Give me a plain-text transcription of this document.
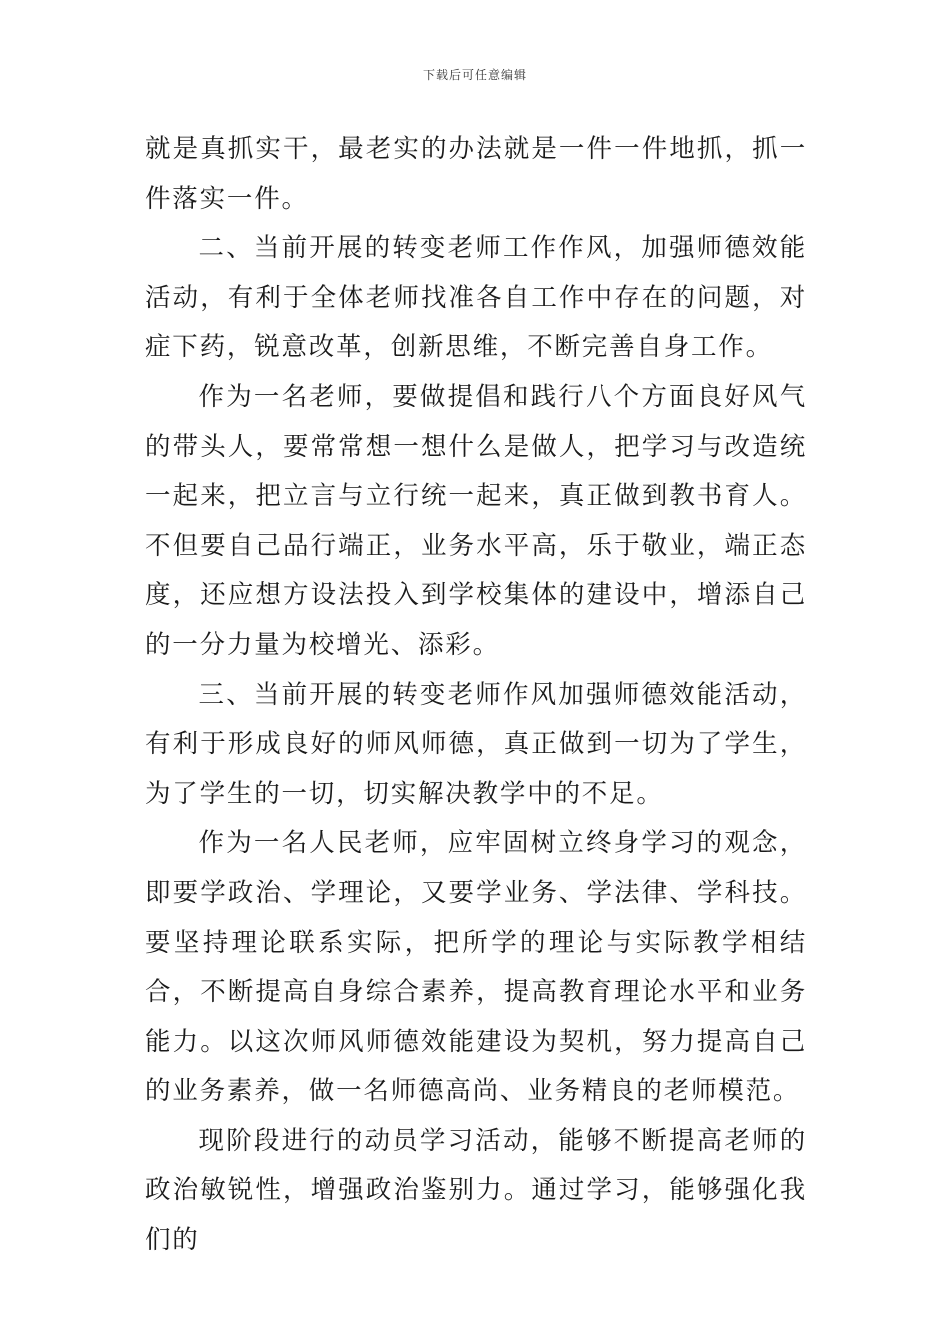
下载后可任意编辑

就是真抓实干，最老实的办法就是一件一件地抓，抓一件落实一件。

二、当前开展的转变老师工作作风，加强师德效能活动，有利于全体老师找准各自工作中存在的问题，对症下药，锐意改革，创新思维，不断完善自身工作。

作为一名老师，要做提倡和践行八个方面良好风气的带头人，要常常想一想什么是做人，把学习与改造统一起来，把立言与立行统一起来，真正做到教书育人。不但要自己品行端正，业务水平高，乐于敬业，端正态度，还应想方设法投入到学校集体的建设中，增添自己的一分力量为校增光、添彩。

三、当前开展的转变老师作风加强师德效能活动，有利于形成良好的师风师德，真正做到一切为了学生，为了学生的一切，切实解决教学中的不足。

作为一名人民老师，应牢固树立终身学习的观念，即要学政治、学理论，又要学业务、学法律、学科技。要坚持理论联系实际，把所学的理论与实际教学相结合，不断提高自身综合素养，提高教育理论水平和业务能力。以这次师风师德效能建设为契机，努力提高自己的业务素养，做一名师德高尚、业务精良的老师模范。

现阶段进行的动员学习活动，能够不断提高老师的政治敏锐性，增强政治鉴别力。通过学习，能够强化我们的
